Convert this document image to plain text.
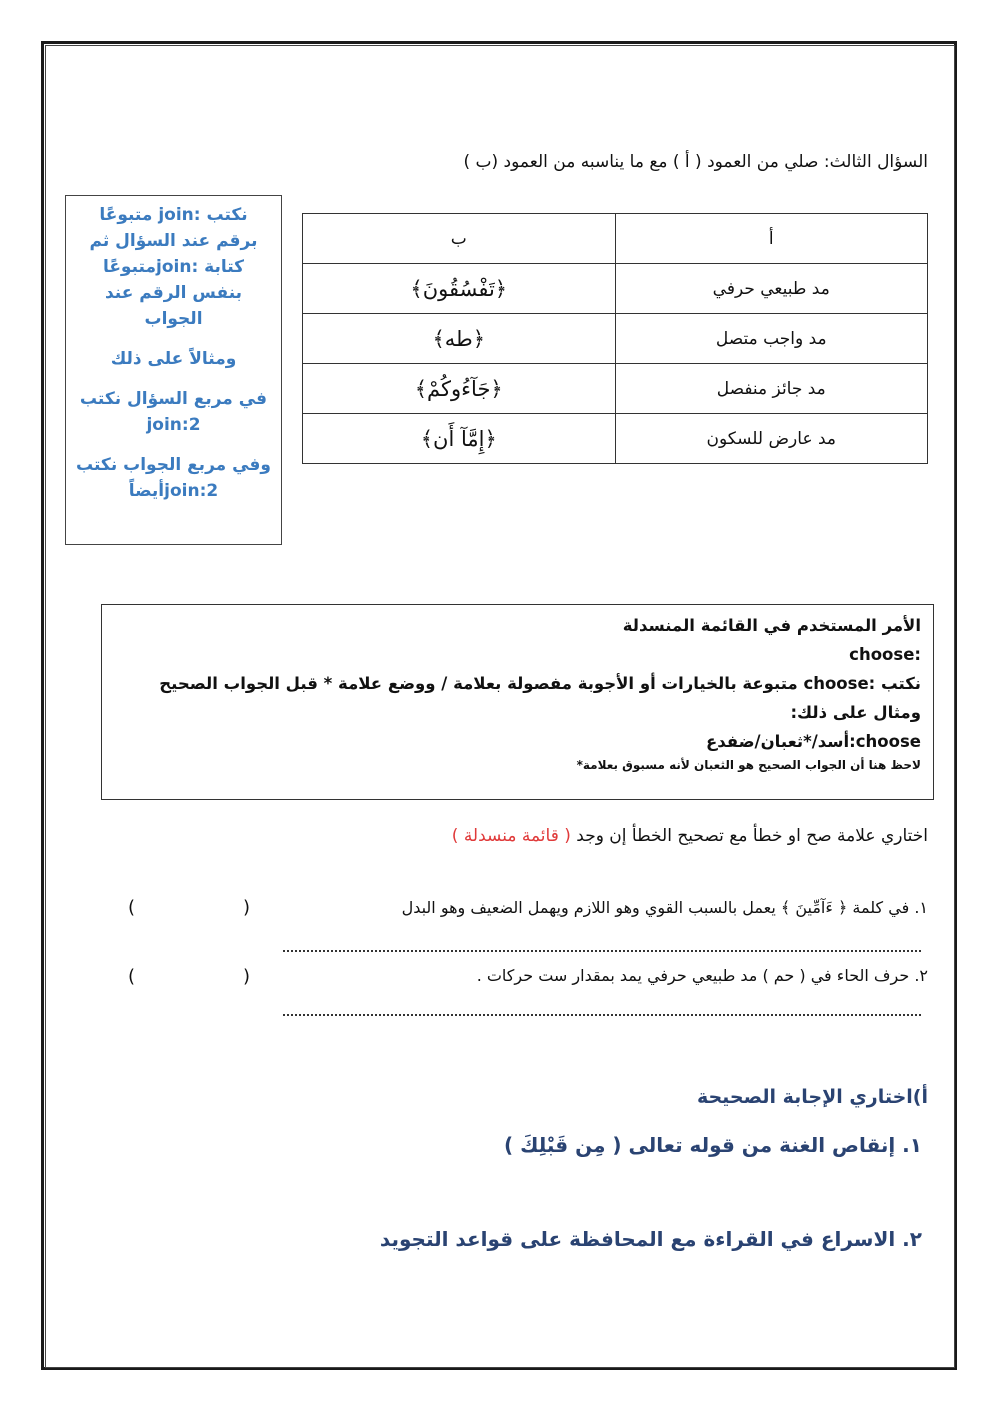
السؤال الثالث: صلي من العمود ( أ ) مع ما يناسبه من العمود (ب )
أ	ب
مد طبيعي حرفي	﴿تَفْسُقُونَ﴾
مد واجب متصل	﴿طه﴾
مد جائز منفصل	﴿جَآءُوكُمْ﴾
مد عارض للسكون	﴿إِمَّآ أَن﴾

نكتب :join متبوعًا برقم عند السؤال ثم كتابة :joinمتبوعًا بنفس الرقم عند الجواب

ومثالاً على ذلك

في مربع السؤال نكتب join:2

وفي مربع الجواب نكتب join:2أيضاً

الأمر المستخدم في القائمة المنسدلة
:choose
نكتب :choose متبوعة بالخيارات أو الأجوبة مفصولة بعلامة / ووضع علامة * قبل الجواب الصحيح
ومثال على ذلك:
choose:أسد/*ثعبان/ضفدع
لاحظ هنا أن الجواب الصحيح هو الثعبان لأنه مسبوق بعلامة*
اختاري علامة صح او خطأ مع تصحيح الخطأ إن وجد ( قائمة منسدلة )
١. في كلمة ﴿ ءَآمِّينَ ﴾ يعمل بالسبب القوي وهو اللازم ويهمل الضعيف وهو البدل
(	)
٢. حرف الحاء في ( حم ) مد طبيعي حرفي يمد بمقدار ست حركات .
(	)
أ)اختاري الإجابة الصحيحة
١. إنقاص الغنة من قوله تعالى ( مِن قَبْلِكَ )
٢. الاسراع في القراءة مع المحافظة على قواعد التجويد
